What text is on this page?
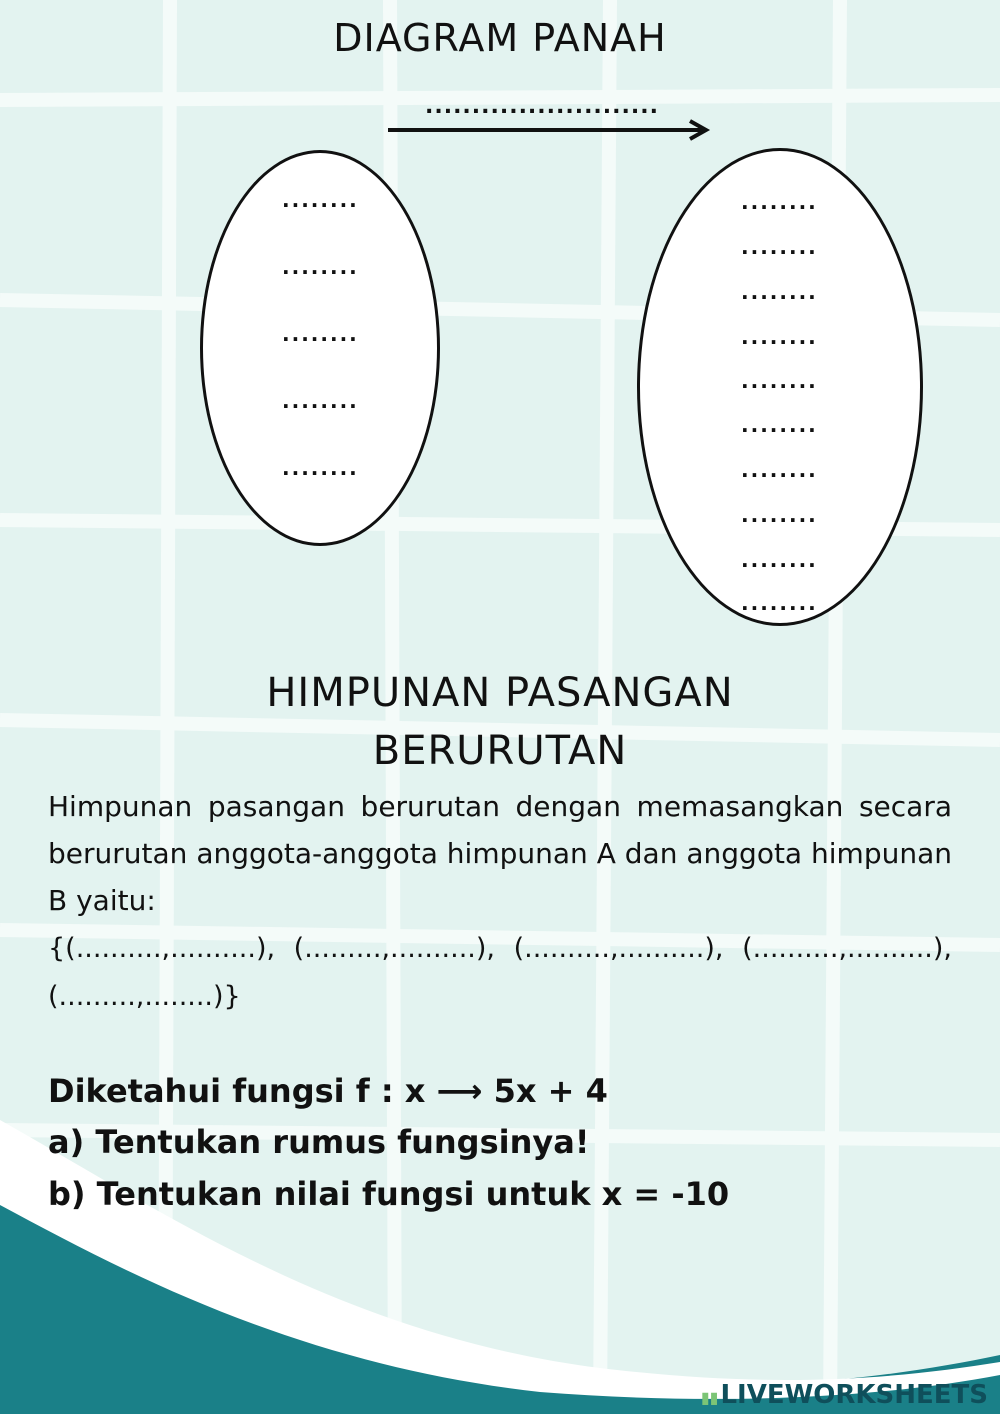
DIAGRAM PANAH
.........................
........
........
........
........
........
........
........
........
........
........
........
........
........
........
........
HIMPUNAN PASANGAN
BERURUTAN
Himpunan pasangan berurutan dengan memasangkan secara berurutan anggota-anggota himpunan A dan anggota himpunan B yaitu:
{(..........,..........), (.........,..........), (..........,..........), (..........,..........), (.........,........)}
Diketahui fungsi f : x ⟶ 5x + 4
a) Tentukan rumus fungsinya!
b) Tentukan nilai fungsi untuk x = -10
▮▮LIVEWORKSHEETS
